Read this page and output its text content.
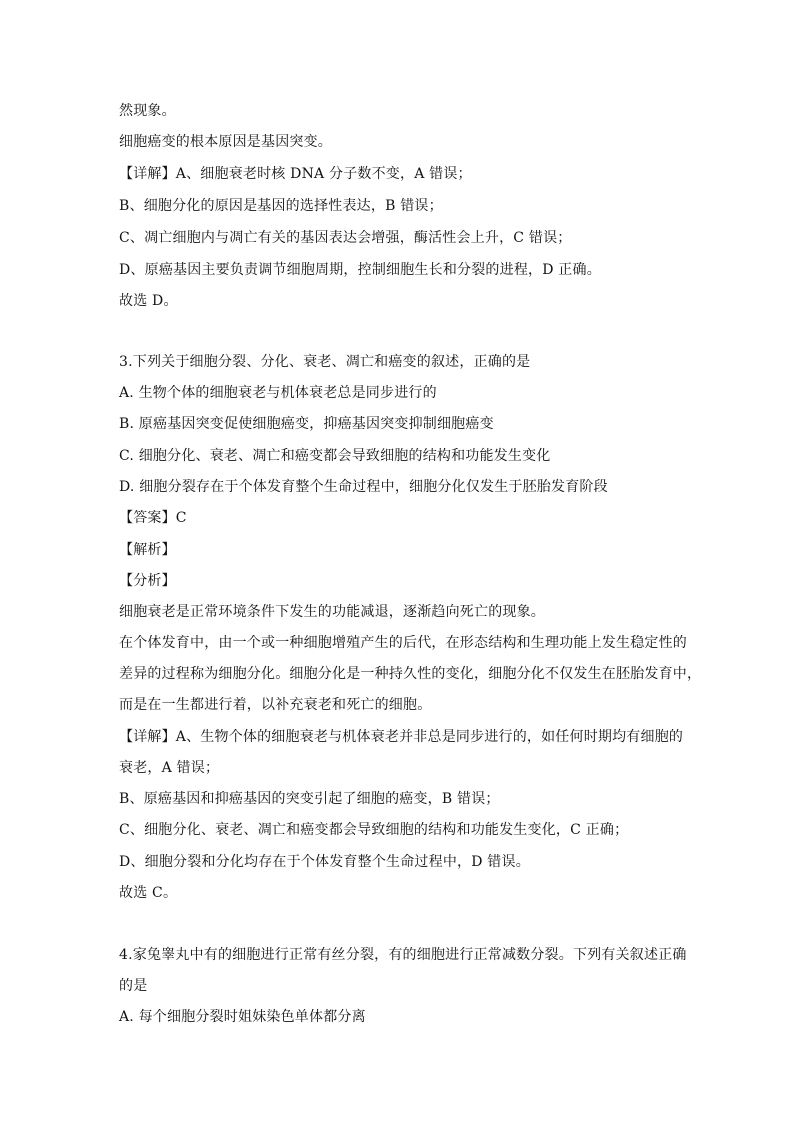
然现象。
细胞癌变的根本原因是基因突变。
【详解】A、细胞衰老时核 DNA 分子数不变，A 错误；
B、细胞分化的原因是基因的选择性表达，B 错误；
C、凋亡细胞内与凋亡有关的基因表达会增强，酶活性会上升，C 错误；
D、原癌基因主要负责调节细胞周期，控制细胞生长和分裂的进程，D 正确。
故选 D。
3.下列关于细胞分裂、分化、衰老、凋亡和癌变的叙述，正确的是
A. 生物个体的细胞衰老与机体衰老总是同步进行的
B. 原癌基因突变促使细胞癌变，抑癌基因突变抑制细胞癌变
C. 细胞分化、衰老、凋亡和癌变都会导致细胞的结构和功能发生变化
D. 细胞分裂存在于个体发育整个生命过程中，细胞分化仅发生于胚胎发育阶段
【答案】C
【解析】
【分析】
细胞衰老是正常环境条件下发生的功能减退，逐渐趋向死亡的现象。
在个体发育中，由一个或一种细胞增殖产生的后代，在形态结构和生理功能上发生稳定性的
差异的过程称为细胞分化。细胞分化是一种持久性的变化，细胞分化不仅发生在胚胎发育中，
而是在一生都进行着，以补充衰老和死亡的细胞。
【详解】A、生物个体的细胞衰老与机体衰老并非总是同步进行的，如任何时期均有细胞的
衰老，A 错误；
B、原癌基因和抑癌基因的突变引起了细胞的癌变，B 错误；
C、细胞分化、衰老、凋亡和癌变都会导致细胞的结构和功能发生变化，C 正确；
D、细胞分裂和分化均存在于个体发育整个生命过程中，D 错误。
故选 C。
4.家兔睾丸中有的细胞进行正常有丝分裂，有的细胞进行正常减数分裂。下列有关叙述正确
的是
A. 每个细胞分裂时姐妹染色单体都分离
